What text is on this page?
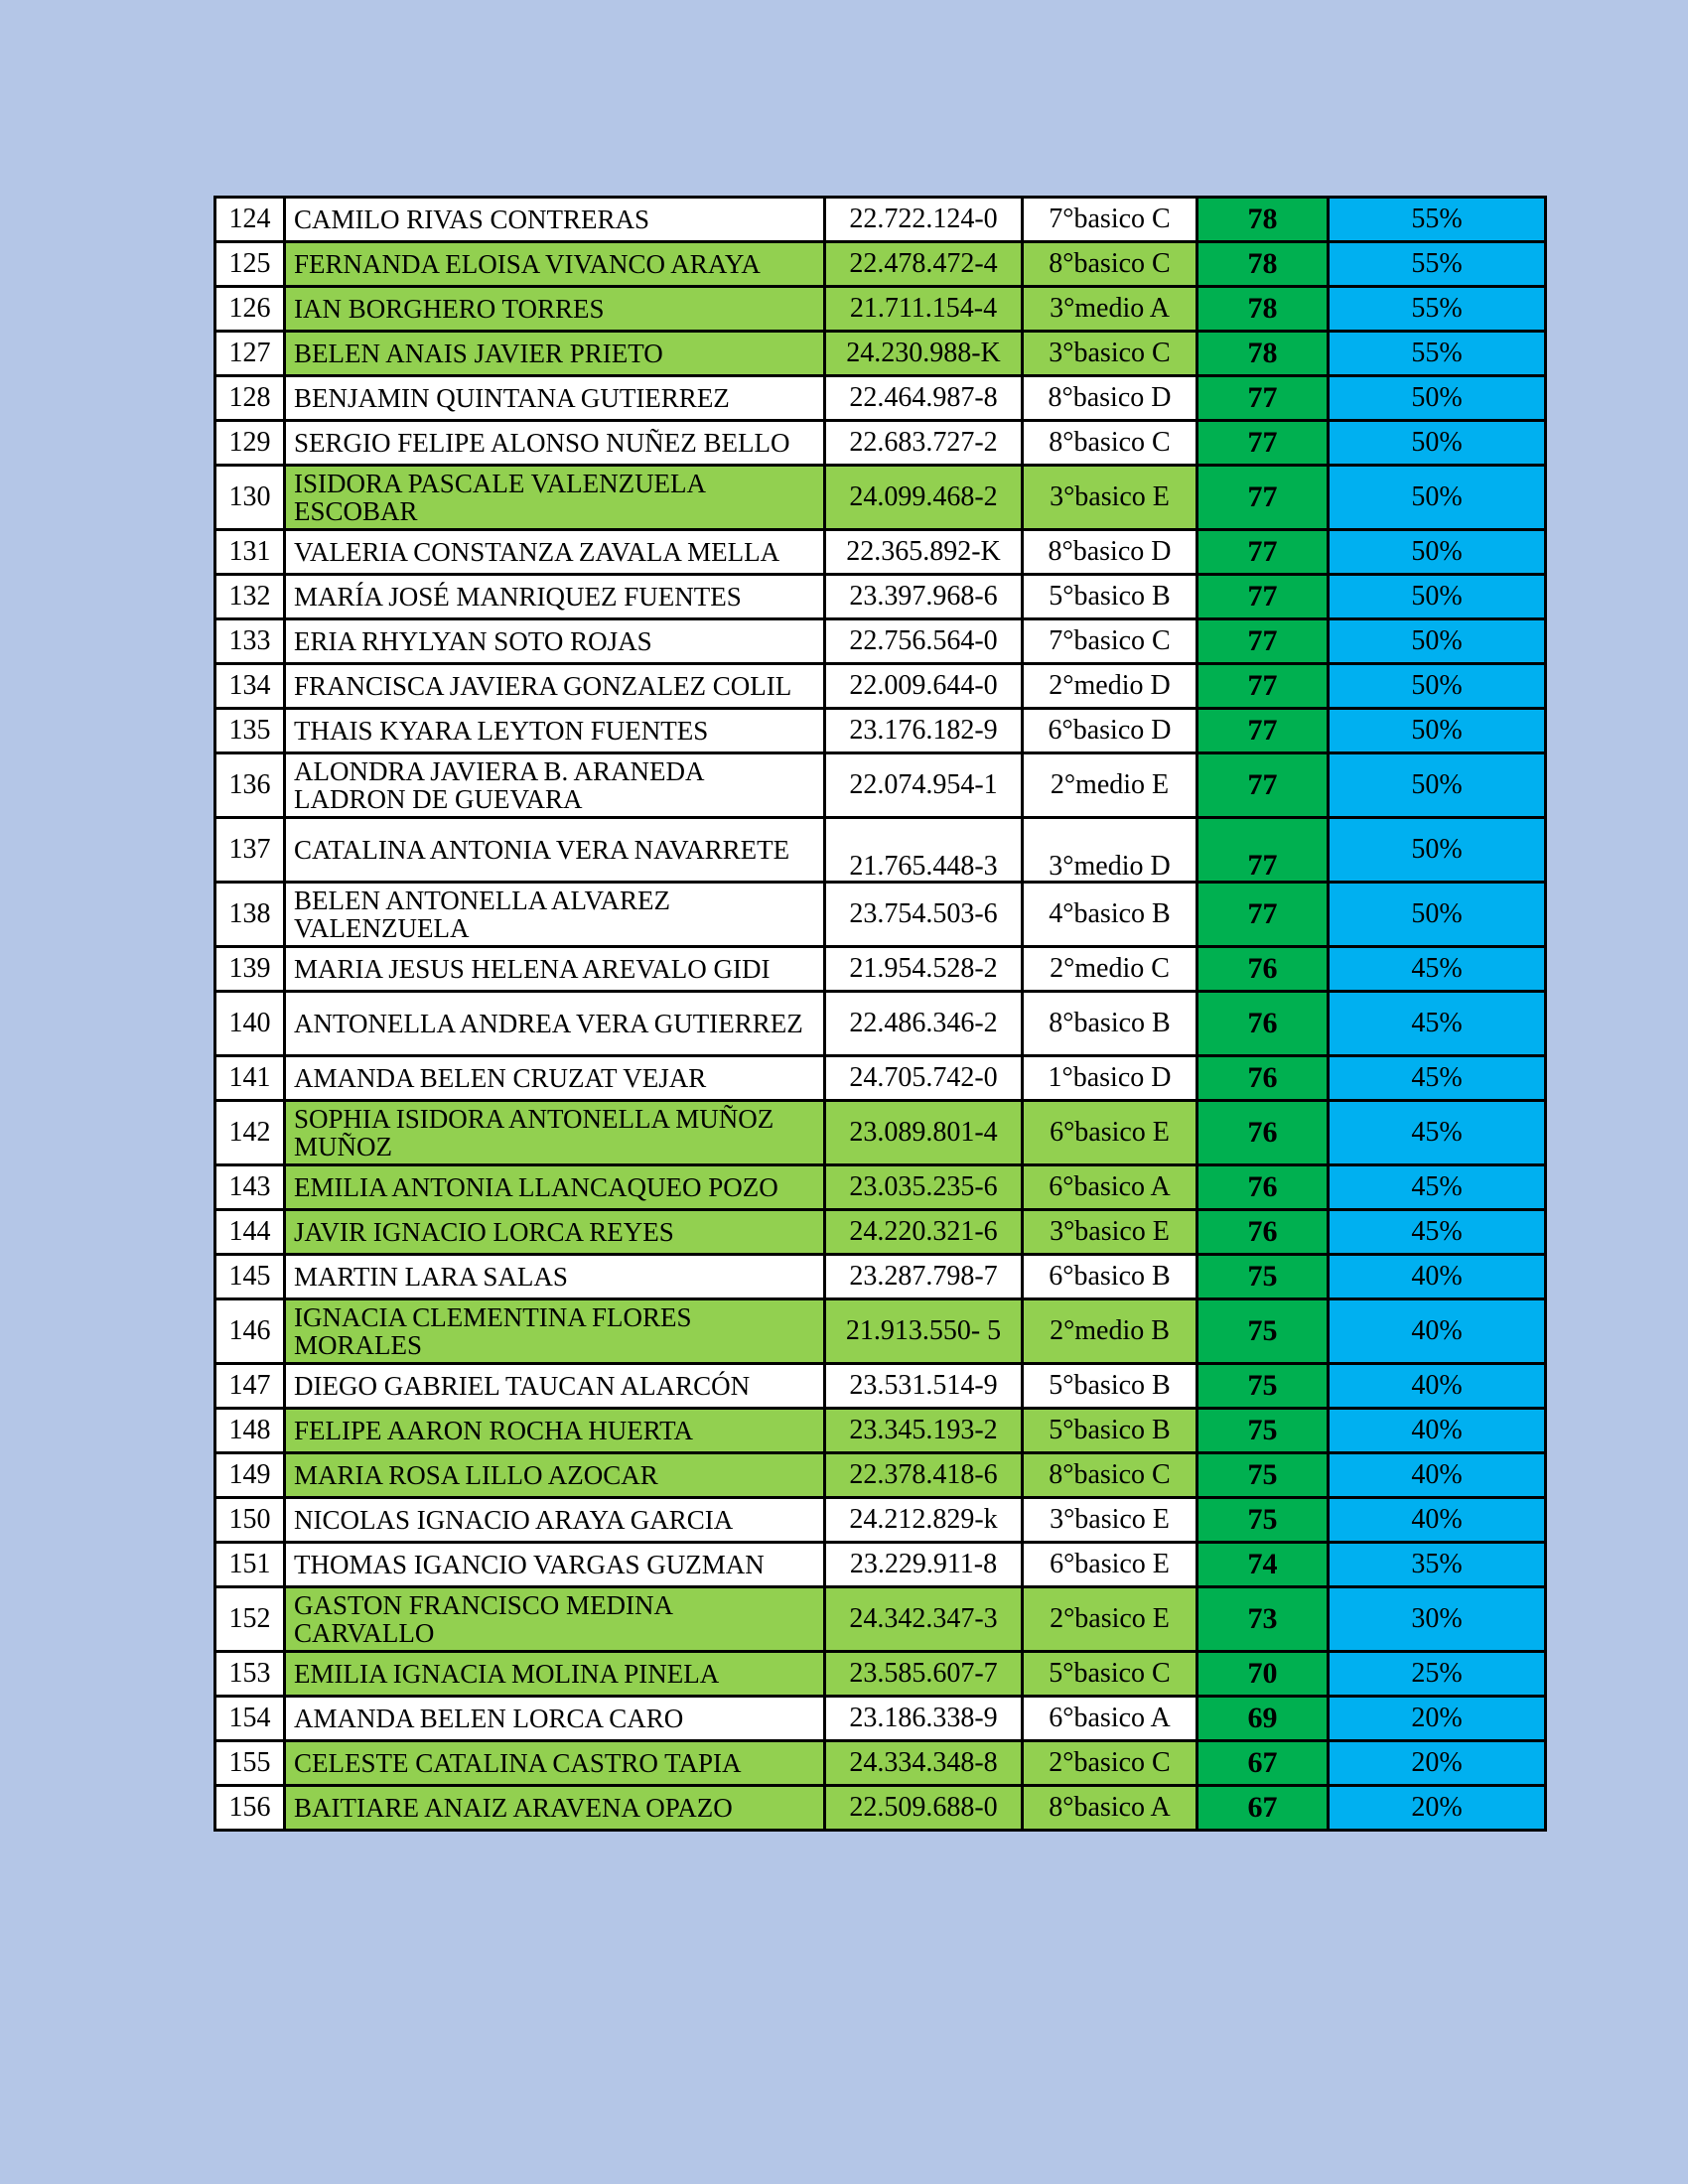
124	CAMILO RIVAS CONTRERAS	22.722.124-0	7°basico C	78	55%
125	FERNANDA ELOISA VIVANCO ARAYA	22.478.472-4	8°basico C	78	55%
126	IAN BORGHERO TORRES	21.711.154-4	3°medio A	78	55%
127	BELEN ANAIS JAVIER PRIETO	24.230.988-K	3°basico C	78	55%
128	BENJAMIN QUINTANA GUTIERREZ	22.464.987-8	8°basico D	77	50%
129	SERGIO FELIPE ALONSO NUÑEZ BELLO	22.683.727-2	8°basico C	77	50%
130	ISIDORA PASCALE VALENZUELA ESCOBAR	24.099.468-2	3°basico E	77	50%
131	VALERIA CONSTANZA ZAVALA MELLA	22.365.892-K	8°basico D	77	50%
132	MARÍA JOSÉ MANRIQUEZ FUENTES	23.397.968-6	5°basico B	77	50%
133	ERIA RHYLYAN SOTO ROJAS	22.756.564-0	7°basico C	77	50%
134	FRANCISCA JAVIERA GONZALEZ COLIL	22.009.644-0	2°medio D	77	50%
135	THAIS KYARA LEYTON FUENTES	23.176.182-9	6°basico D	77	50%
136	ALONDRA JAVIERA B. ARANEDA LADRON DE GUEVARA	22.074.954-1	2°medio E	77	50%
137	CATALINA ANTONIA VERA NAVARRETE	21.765.448-3	3°medio D	77	50%
138	BELEN ANTONELLA ALVAREZ VALENZUELA	23.754.503-6	4°basico B	77	50%
139	MARIA JESUS HELENA AREVALO GIDI	21.954.528-2	2°medio C	76	45%
140	ANTONELLA ANDREA VERA GUTIERREZ	22.486.346-2	8°basico B	76	45%
141	AMANDA BELEN CRUZAT VEJAR	24.705.742-0	1°basico D	76	45%
142	SOPHIA ISIDORA ANTONELLA MUÑOZ MUÑOZ	23.089.801-4	6°basico E	76	45%
143	EMILIA ANTONIA LLANCAQUEO POZO	23.035.235-6	6°basico A	76	45%
144	JAVIR IGNACIO LORCA REYES	24.220.321-6	3°basico E	76	45%
145	MARTIN LARA SALAS	23.287.798-7	6°basico B	75	40%
146	IGNACIA CLEMENTINA FLORES MORALES	21.913.550- 5	2°medio B	75	40%
147	DIEGO GABRIEL TAUCAN ALARCÓN	23.531.514-9	5°basico B	75	40%
148	FELIPE AARON ROCHA HUERTA	23.345.193-2	5°basico B	75	40%
149	MARIA ROSA LILLO AZOCAR	22.378.418-6	8°basico C	75	40%
150	NICOLAS IGNACIO ARAYA GARCIA	24.212.829-k	3°basico E	75	40%
151	THOMAS IGANCIO VARGAS GUZMAN	23.229.911-8	6°basico E	74	35%
152	GASTON FRANCISCO MEDINA CARVALLO	24.342.347-3	2°basico E	73	30%
153	EMILIA IGNACIA MOLINA PINELA	23.585.607-7	5°basico C	70	25%
154	AMANDA BELEN LORCA CARO	23.186.338-9	6°basico A	69	20%
155	CELESTE CATALINA CASTRO TAPIA	24.334.348-8	2°basico C	67	20%
156	BAITIARE ANAIZ ARAVENA OPAZO	22.509.688-0	8°basico A	67	20%
